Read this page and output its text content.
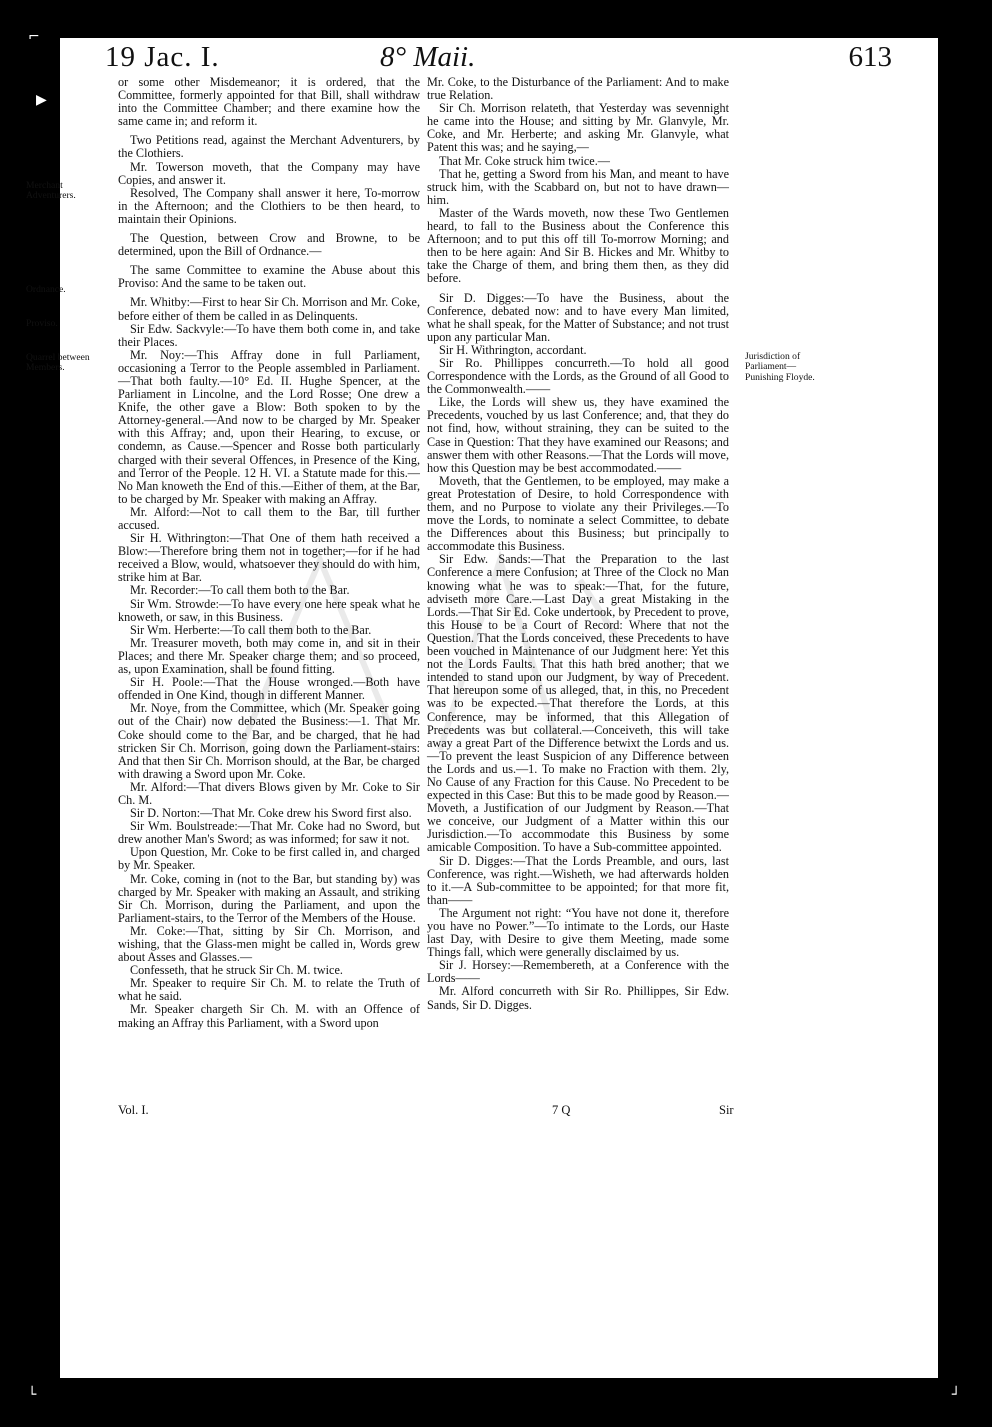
⌐
▶
└	┘
19 Jac. I.	8° Maii.	613
Merchant Adventurers.
Ordnance.
Proviso.
Quarrel between Members.
Jurisdiction of Parliament—Punishing Floyde.

or some other Misdemeanor; it is ordered, that the Committee, formerly appointed for that Bill, shall withdraw into the Committee Chamber; and there examine how the same came in; and reform it.

Two Petitions read, against the Merchant Adventurers, by the Clothiers.

Mr. Towerson moveth, that the Company may have Copies, and answer it.

Resolved, The Company shall answer it here, To-morrow in the Afternoon; and the Clothiers to be then heard, to maintain their Opinions.

The Question, between Crow and Browne, to be determined, upon the Bill of Ordnance.—

The same Committee to examine the Abuse about this Proviso: And the same to be taken out.

Mr. Whitby:—First to hear Sir Ch. Morrison and Mr. Coke, before either of them be called in as Delinquents.

Sir Edw. Sackvyle:—To have them both come in, and take their Places.

Mr. Noy:—This Affray done in full Parliament, occasioning a Terror to the People assembled in Parliament.—That both faulty.—10° Ed. II. Hughe Spencer, at the Parliament in Lincolne, and the Lord Rosse; One drew a Knife, the other gave a Blow: Both spoken to by the Attorney-general.—And now to be charged by Mr. Speaker with this Affray; and, upon their Hearing, to excuse, or condemn, as Cause.—Spencer and Rosse both particularly charged with their several Offences, in Presence of the King, and Terror of the People. 12 H. VI. a Statute made for this.—No Man knoweth the End of this.—Either of them, at the Bar, to be charged by Mr. Speaker with making an Affray.

Mr. Alford:—Not to call them to the Bar, till further accused.

Sir H. Withrington:—That One of them hath received a Blow:—Therefore bring them not in together;—for if he had received a Blow, would, whatsoever they should do with him, strike him at Bar.

Mr. Recorder:—To call them both to the Bar.

Sir Wm. Strowde:—To have every one here speak what he knoweth, or saw, in this Business.

Sir Wm. Herberte:—To call them both to the Bar.

Mr. Treasurer moveth, both may come in, and sit in their Places; and there Mr. Speaker charge them; and so proceed, as, upon Examination, shall be found fitting.

Sir H. Poole:—That the House wronged.—Both have offended in One Kind, though in different Manner.

Mr. Noye, from the Committee, which (Mr. Speaker going out of the Chair) now debated the Business:—1. That Mr. Coke should come to the Bar, and be charged, that he had stricken Sir Ch. Morrison, going down the Parliament-stairs: And that then Sir Ch. Morrison should, at the Bar, be charged with drawing a Sword upon Mr. Coke.

Mr. Alford:—That divers Blows given by Mr. Coke to Sir Ch. M.

Sir D. Norton:—That Mr. Coke drew his Sword first also.

Sir Wm. Boulstreade:—That Mr. Coke had no Sword, but drew another Man's Sword; as was informed; for saw it not.

Upon Question, Mr. Coke to be first called in, and charged by Mr. Speaker.

Mr. Coke, coming in (not to the Bar, but standing by) was charged by Mr. Speaker with making an Assault, and striking Sir Ch. Morrison, during the Parliament, and upon the Parliament-stairs, to the Terror of the Members of the House.

Mr. Coke:—That, sitting by Sir Ch. Morrison, and wishing, that the Glass-men might be called in, Words grew about Asses and Glasses.—

Confesseth, that he struck Sir Ch. M. twice.

Mr. Speaker to require Sir Ch. M. to relate the Truth of what he said.

Mr. Speaker chargeth Sir Ch. M. with an Offence of making an Affray this Parliament, with a Sword upon

Mr. Coke, to the Disturbance of the Parliament: And to make true Relation.

Sir Ch. Morrison relateth, that Yesterday was sevennight he came into the House; and sitting by Mr. Glanvyle, Mr. Coke, and Mr. Herberte; and asking Mr. Glanvyle, what Patent this was; and he saying,—

That Mr. Coke struck him twice.—

That he, getting a Sword from his Man, and meant to have struck him, with the Scabbard on, but not to have drawn—him.

Master of the Wards moveth, now these Two Gentlemen heard, to fall to the Business about the Conference this Afternoon; and to put this off till To-morrow Morning; and then to be here again: And Sir B. Hickes and Mr. Whitby to take the Charge of them, and bring them then, as they did before.

Sir D. Digges:—To have the Business, about the Conference, debated now: and to have every Man limited, what he shall speak, for the Matter of Substance; and not trust upon any particular Man.

Sir H. Withrington, accordant.

Sir Ro. Phillippes concurreth.—To hold all good Correspondence with the Lords, as the Ground of all Good to the Commonwealth.——

Like, the Lords will shew us, they have examined the Precedents, vouched by us last Conference; and, that they do not find, how, without straining, they can be suited to the Case in Question: That they have examined our Reasons; and answer them with other Reasons.—That the Lords will move, how this Question may be best accommodated.——

Moveth, that the Gentlemen, to be employed, may make a great Protestation of Desire, to hold Correspondence with them, and no Purpose to violate any their Privileges.—To move the Lords, to nominate a select Committee, to debate the Differences about this Business; but principally to accommodate this Business.

Sir Edw. Sands:—That the Preparation to the last Conference a mere Confusion; at Three of the Clock no Man knowing what he was to speak:—That, for the future, adviseth more Care.—Last Day a great Mistaking in the Lords.—That Sir Ed. Coke undertook, by Precedent to prove, this House to be a Court of Record: Where that not the Question. That the Lords conceived, these Precedents to have been vouched in Maintenance of our Judgment here: Yet this not the Lords Faults. That this hath bred another; that we intended to stand upon our Judgment, by way of Precedent. That hereupon some of us alleged, that, in this, no Precedent was to be expected.—That therefore the Lords, at this Conference, may be informed, that this Allegation of Precedents was but collateral.—Conceiveth, this will take away a great Part of the Difference betwixt the Lords and us.—To prevent the least Suspicion of any Difference between the Lords and us.—1. To make no Fraction with them. 2ly, No Cause of any Fraction for this Cause. No Precedent to be expected in this Case: But this to be made good by Reason.—Moveth, a Justification of our Judgment by Reason.—That we conceive, our Judgment of a Matter within this our Jurisdiction.—To accommodate this Business by some amicable Composition. To have a Sub-committee appointed.

Sir D. Digges:—That the Lords Preamble, and ours, last Conference, was right.—Wisheth, we had afterwards holden to it.—A Sub-committee to be appointed; for that more fit, than——

The Argument not right: “You have not done it, therefore you have no Power.”—To intimate to the Lords, our Haste last Day, with Desire to give them Meeting, made some Things fall, which were generally disclaimed by us.

Sir J. Horsey:—Remembereth, at a Conference with the Lords——

Mr. Alford concurreth with Sir Ro. Phillippes, Sir Edw. Sands, Sir D. Digges.

Vol. I.	7 Q	Sir
